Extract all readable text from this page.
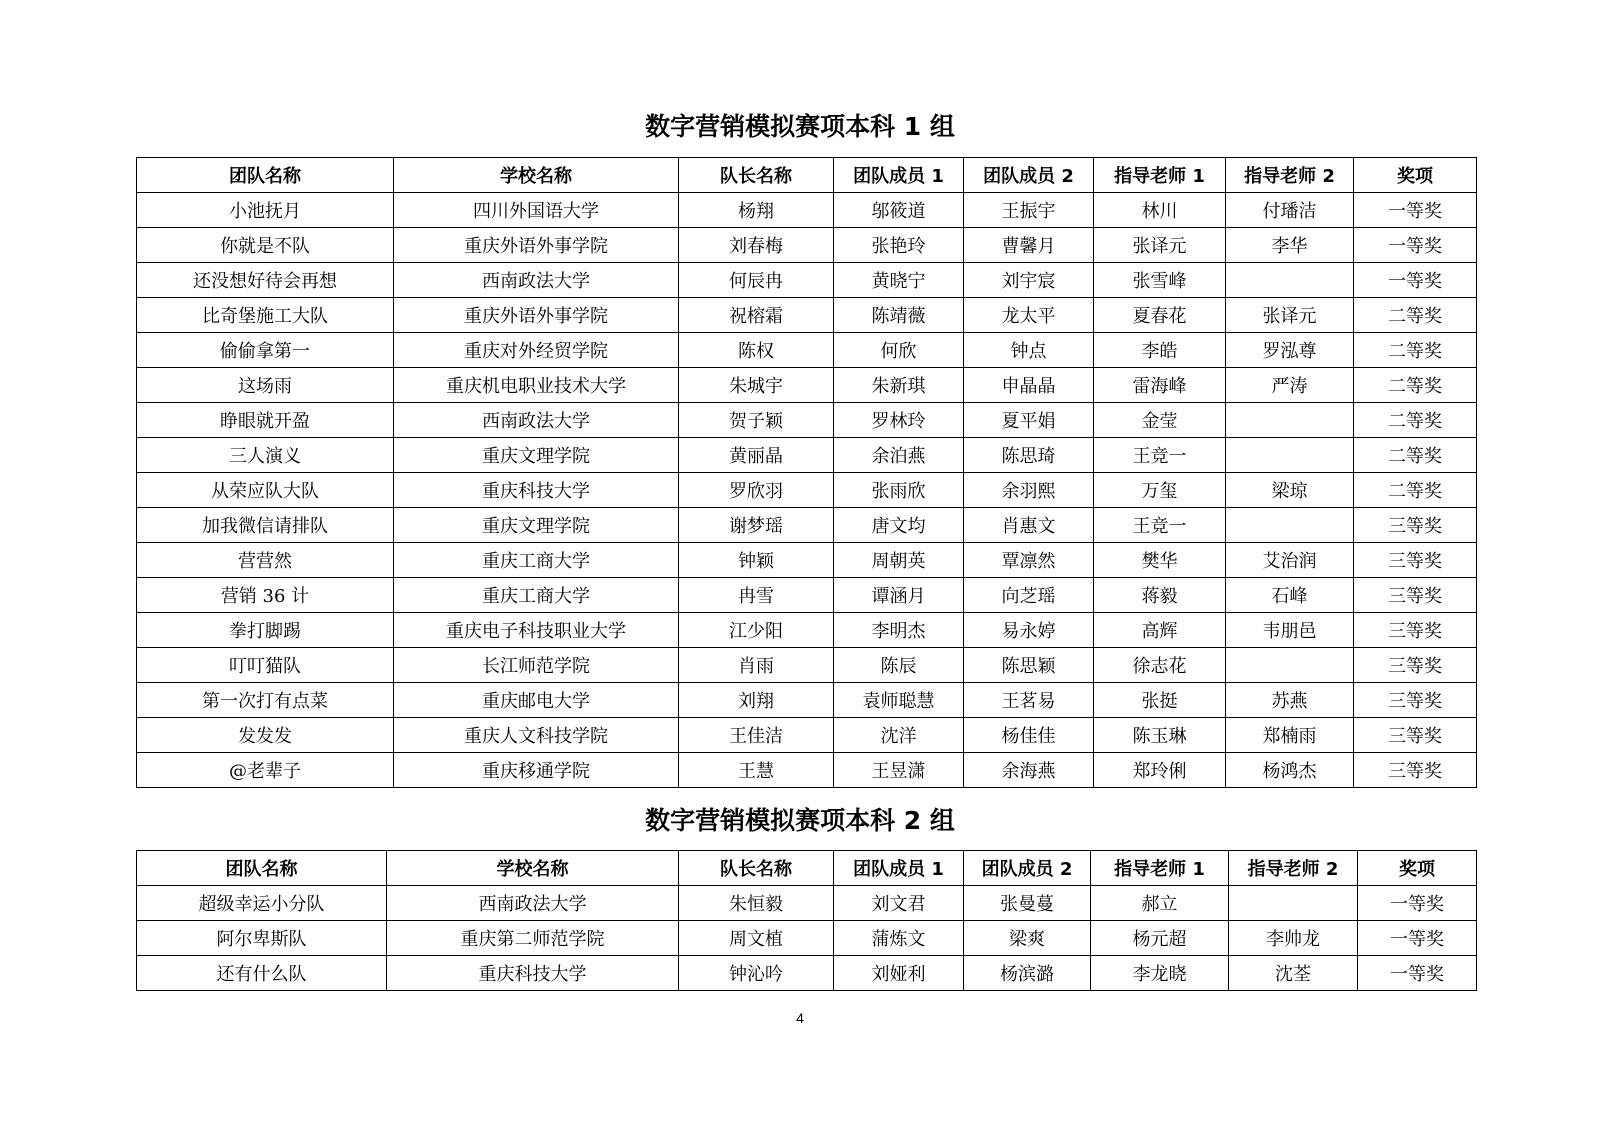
数字营销模拟赛项本科 1 组
团队名称	学校名称	队长名称	团队成员 1	团队成员 2	指导老师 1	指导老师 2	奖项
小池抚月	四川外国语大学	杨翔	邬筱道	王振宇	林川	付璠洁	一等奖
你就是不队	重庆外语外事学院	刘春梅	张艳玲	曹馨月	张译元	李华	一等奖
还没想好待会再想	西南政法大学	何辰冉	黄晓宁	刘宇宸	张雪峰		一等奖
比奇堡施工大队	重庆外语外事学院	祝榕霜	陈靖薇	龙太平	夏春花	张译元	二等奖
偷偷拿第一	重庆对外经贸学院	陈权	何欣	钟点	李皓	罗泓尊	二等奖
这场雨	重庆机电职业技术大学	朱城宇	朱新琪	申晶晶	雷海峰	严涛	二等奖
睁眼就开盈	西南政法大学	贺子颖	罗林玲	夏平娟	金莹		二等奖
三人演义	重庆文理学院	黄丽晶	余泊燕	陈思琦	王竞一		二等奖
从荣应队大队	重庆科技大学	罗欣羽	张雨欣	余羽熙	万玺	梁琼	二等奖
加我微信请排队	重庆文理学院	谢梦瑶	唐文均	肖惠文	王竞一		三等奖
营营然	重庆工商大学	钟颖	周朝英	覃凛然	樊华	艾治润	三等奖
营销 36 计	重庆工商大学	冉雪	谭涵月	向芝瑶	蒋毅	石峰	三等奖
拳打脚踢	重庆电子科技职业大学	江少阳	李明杰	易永婷	高辉	韦朋邑	三等奖
叮叮猫队	长江师范学院	肖雨	陈辰	陈思颖	徐志花		三等奖
第一次打有点菜	重庆邮电大学	刘翔	袁师聪慧	王茗易	张挺	苏燕	三等奖
发发发	重庆人文科技学院	王佳洁	沈洋	杨佳佳	陈玉琳	郑楠雨	三等奖
@老辈子	重庆移通学院	王慧	王昱潇	余海燕	郑玲俐	杨鸿杰	三等奖
数字营销模拟赛项本科 2 组
团队名称	学校名称	队长名称	团队成员 1	团队成员 2	指导老师 1	指导老师 2	奖项
超级幸运小分队	西南政法大学	朱恒毅	刘文君	张曼蔓	郝立		一等奖
阿尔卑斯队	重庆第二师范学院	周文植	蒲炼文	梁爽	杨元超	李帅龙	一等奖
还有什么队	重庆科技大学	钟沁吟	刘娅利	杨滨潞	李龙晓	沈荃	一等奖
4
